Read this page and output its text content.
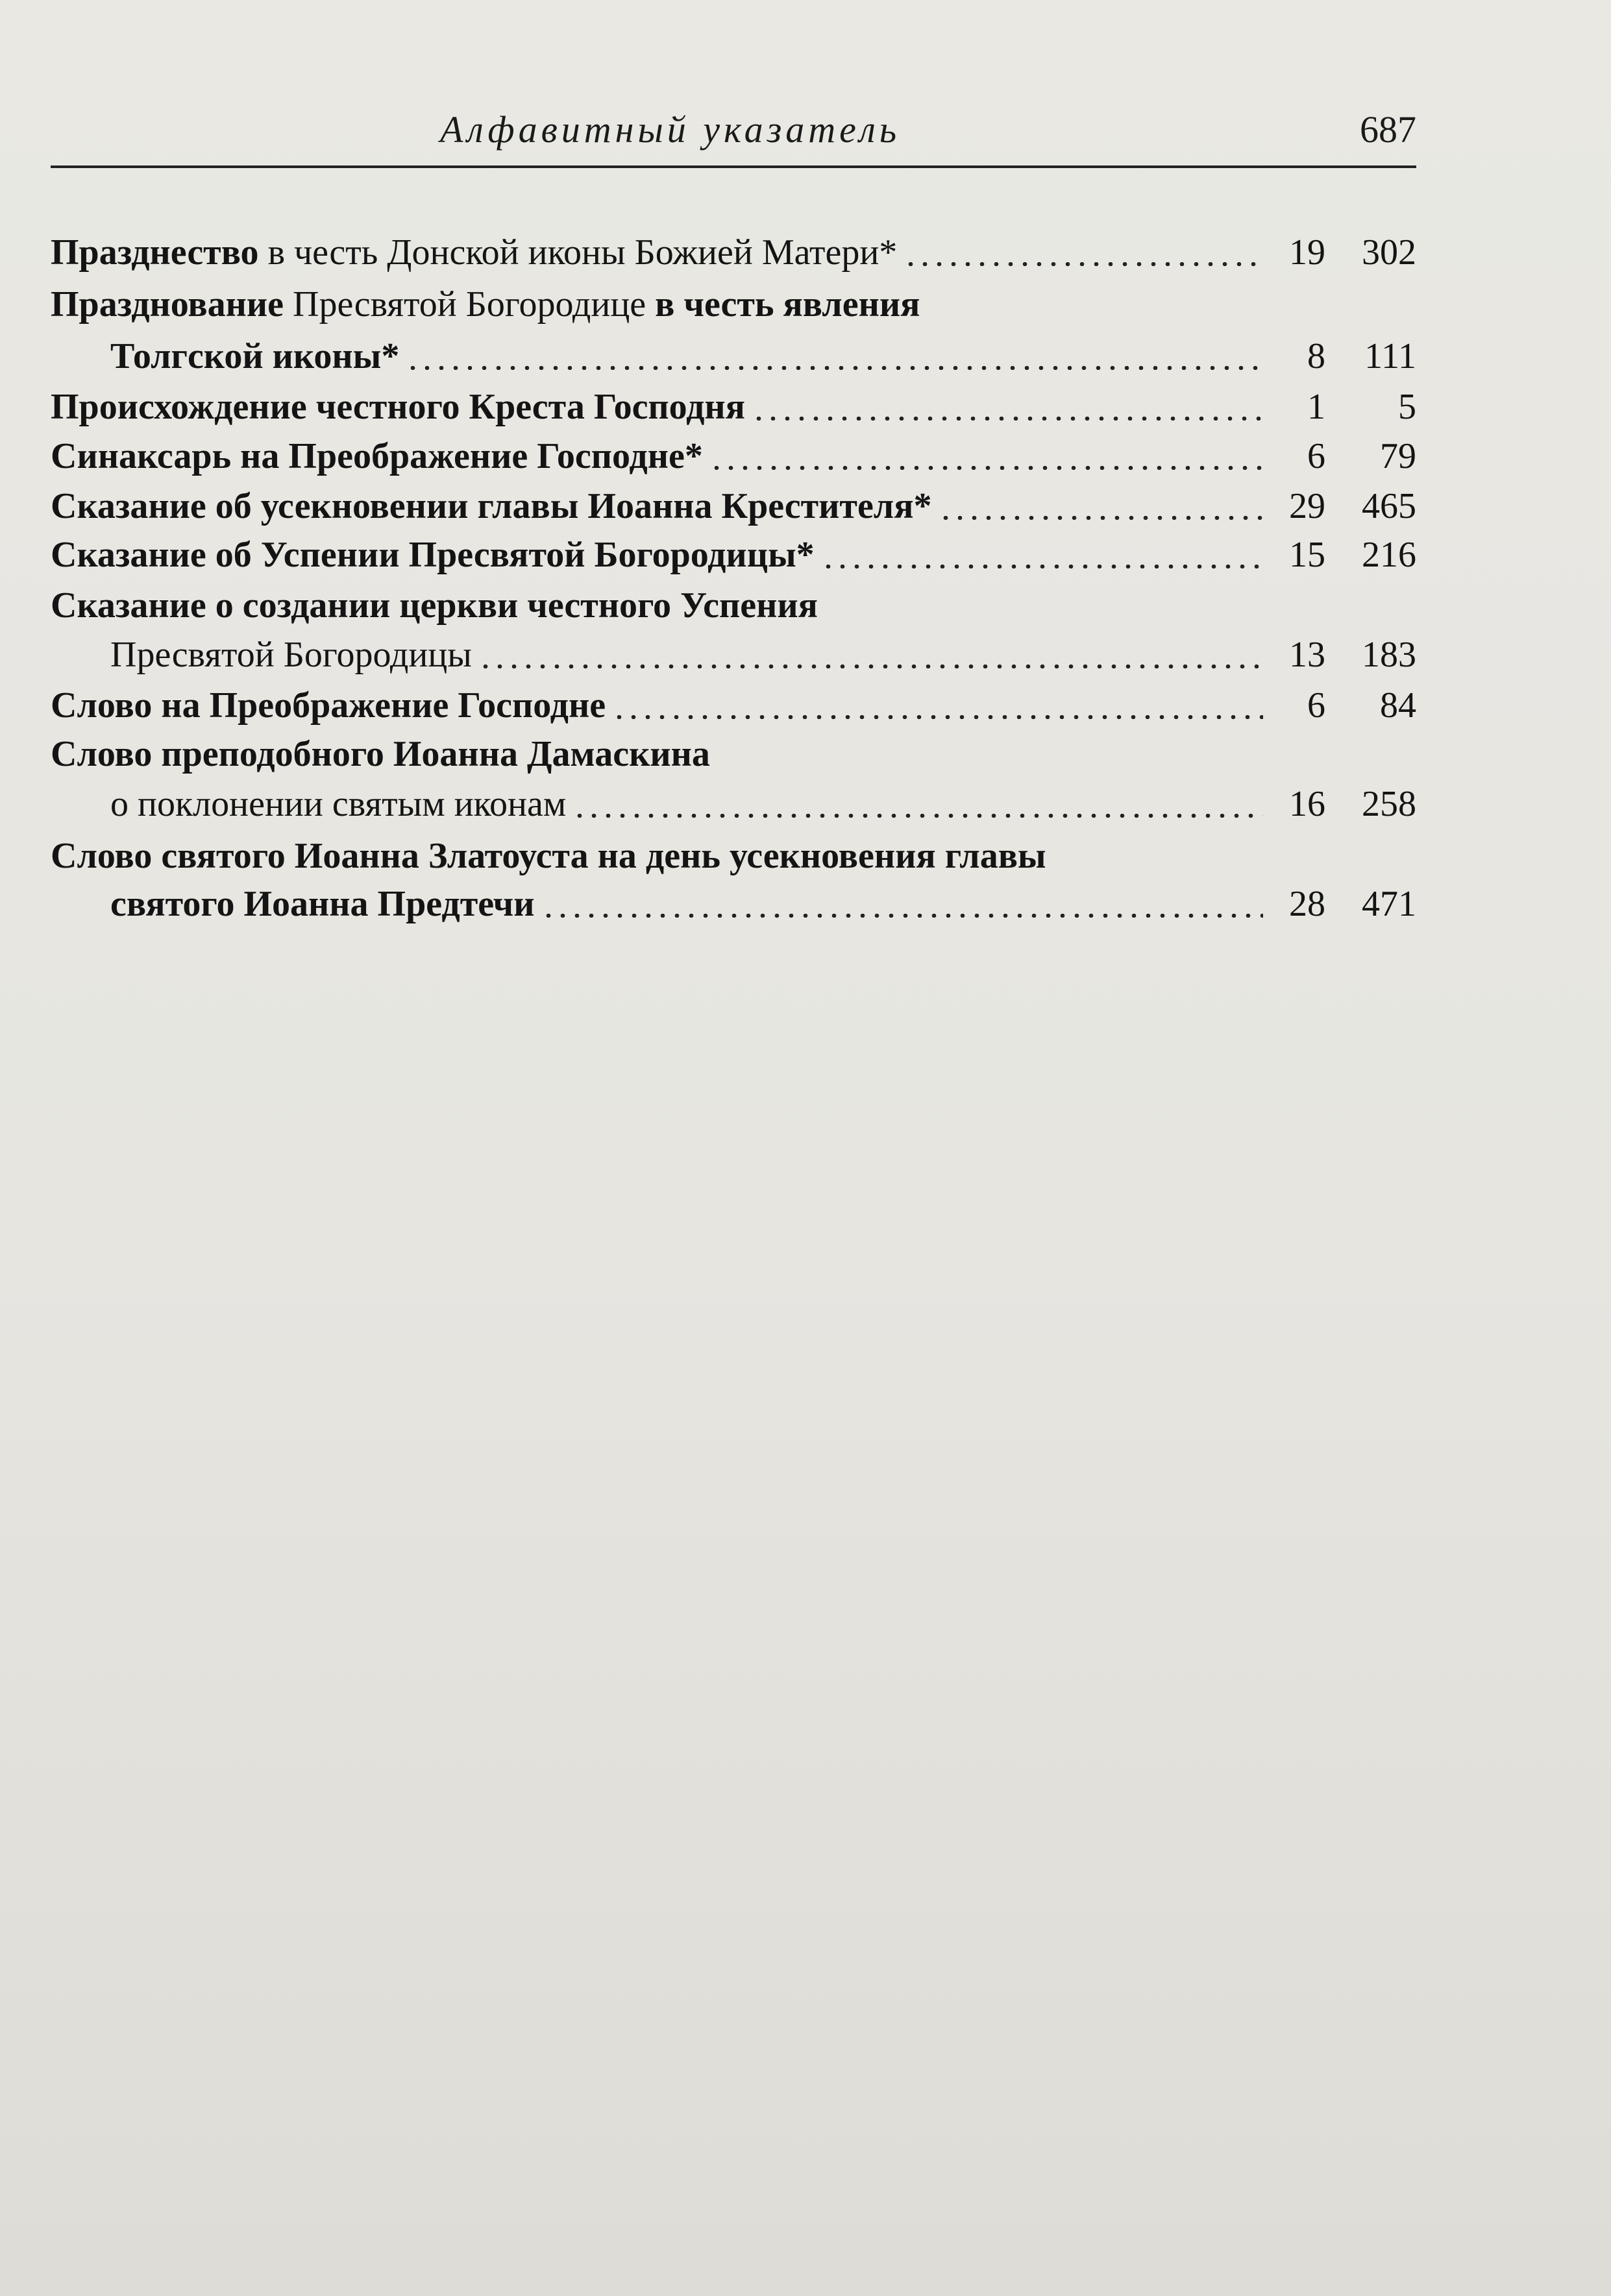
Алфавитный указатель	687
Празднество в честь Донской иконы Божией Матери*	19	302
Празднование Пресвятой Богородице в честь явления
Толгской иконы*	8	111
Происхождение честного Креста Господня	1	5
Синаксарь на Преображение Господне*	6	79
Сказание об усекновении главы Иоанна Крестителя*	29	465
Сказание об Успении Пресвятой Богородицы*	15	216
Сказание о создании церкви честного Успения
Пресвятой Богородицы	13	183
Слово на Преображение Господне	6	84
Слово преподобного Иоанна Дамаскина
о поклонении святым иконам	16	258
Слово святого Иоанна Златоуста на день усекновения главы
святого Иоанна Предтечи	28	471
